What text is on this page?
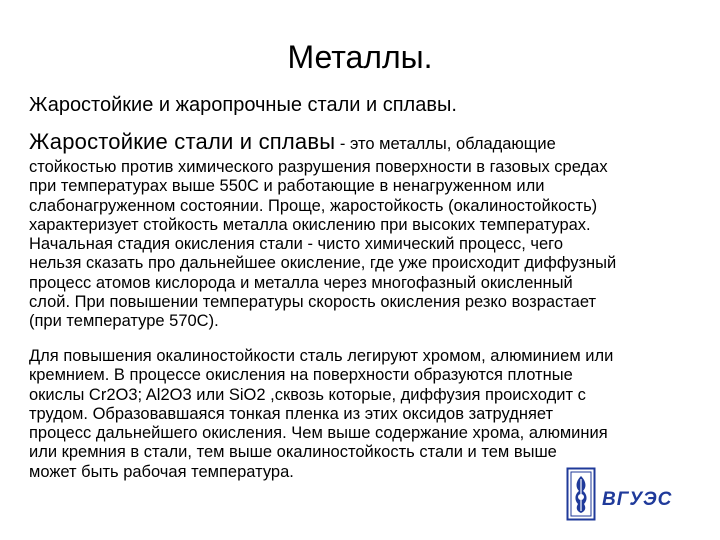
Металлы.

Жаростойкие и жаропрочные стали и сплавы.

Жаростойкие стали и сплавы - это металлы, обладающие

стойкостью против химического разрушения поверхности в газовых средах
при температурах выше 550С и работающие в ненагруженном или
слабонагруженном состоянии. Проще, жаростойкость (окалиностойкость)
характеризует стойкость металла окислению при высоких температурах.
Начальная стадия окисления стали - чисто химический процесс, чего
нельзя сказать про дальнейшее окисление, где уже происходит диффузный
процесс атомов кислорода и металла через многофазный окисленный
слой. При повышении температуры скорость окисления резко возрастает
(при температуре 570С).
Для повышения окалиностойкости сталь легируют хромом, алюминием или
кремнием. В процессе окисления на поверхности образуются плотные
окислы Cr2O3; Al2O3 или SiO2 ,сквозь которые, диффузия происходит с
трудом. Образовавшаяся тонкая пленка из этих оксидов затрудняет
процесс дальнейшего окисления. Чем выше содержание хрома, алюминия
или кремния в стали, тем выше окалиностойкость стали и тем выше
может быть рабочая температура.
ВГУЭС
